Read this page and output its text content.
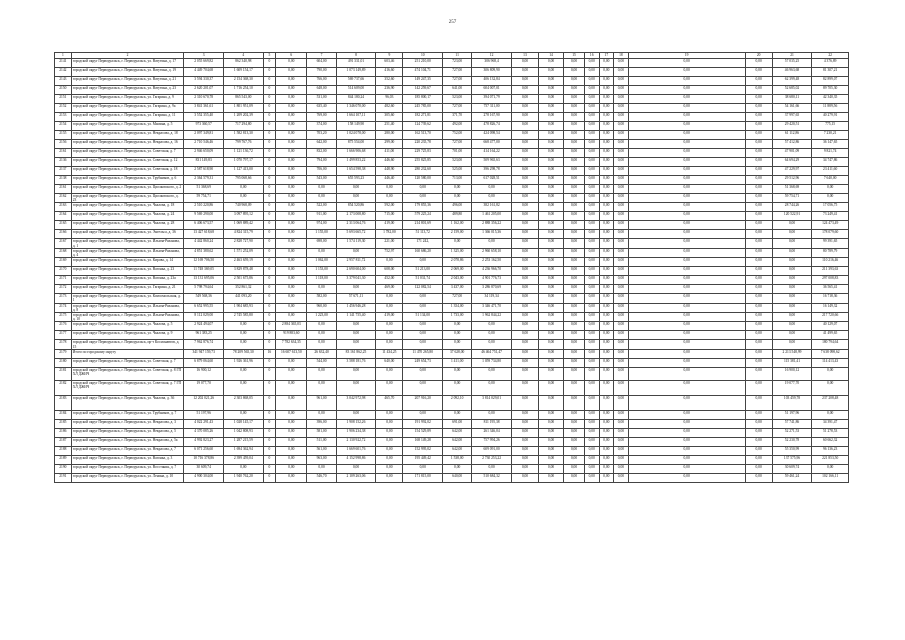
257
1	2	3	4	5	6	7	8	9	10	11	12	13	14	15	16	17	18	19	20	21	22
2141	городской округ Первоуральск, г. Первоуральск, ул. Ватутина, д. 17	2 055 669,82	862 340,98	0	0,00	604,00	491 331,01	603,46	251 210,00	723,00	306 968,4	0,00	0,00	0,00	0,00	0,00	0,00	0,00	0,00	57 035,25	4 376,89
2142	городской округ Первоуральск, г. Первоуральск, ул. Ватутина, д. 19	4 449 704,68	1 609 154,17	0	0,00	790,00	1 073 149,89	416,60	474 104,71	727,00	306 809,90	0,00	0,00	0,00	0,00	0,00	0,00	0,00	0,00	46 963,68	81 307,21
2143	городской округ Первоуральск, г. Первоуральск, ул. Ватутина, д. 21	3 594 330,37	2 154 368,30	0	0,00	766,00	569 737,66	352,60	149 247,35	727,00	406 132,84	0,00	0,00	0,00	0,00	0,00	0,00	0,00	0,00	62 399,48	82 899,07
2150	городской округ Первоуральск, г. Первоуральск, ул. Ватутина, д. 23	2 620 201,07	1 716 254,10	0	0,00	648,00	514 609,00	236,90	142 259,67	641,00	604 007,01	0,00	0,00	0,00	0,00	0,00	0,00	0,00	0,00	52 685,02	89 705,30
2151	городской округ Первоуральск, г. Первоуральск, ул. Гагарина, д. 9	2 310 670,78	865 543,00	0	0,00	531,00	844 180,24	96,03	185 800,17	523,00	394 071,79	0,00	0,00	0,00	0,00	0,00	0,00	0,00	0,00	38 680,11	42 340,35
2152	городской округ Первоуральск, г. Первоуральск, ул. Гагарина, д. 9а	3 841 361,61	1 801 951,09	0	0,00	635,40	1 346 070,00	482,60	245 785,00	727,00	757 311,00	0,00	0,00	0,00	0,00	0,00	0,00	0,00	0,00	54 161,66	11 889,56
2153	городской округ Первоуральск, г. Первоуральск, ул. Гагарина, д. 11	3 552 355,40	1 209 202,39	0	0,00	769,00	1 664 107,11	305,60	182 271,81	371,70	278 167,90	0,00	0,00	0,00	0,00	0,00	0,00	0,00	0,00	37 997,65	40 279,91
2154	городской округ Первоуральск, г. Первоуральск, ул. Мамина, д. 5	973 360,57	717 294,80	0	0,00	374,00	158 149,90	251,40	124 739,62	492,00	478 826,74	0,00	0,00	0,00	0,00	0,00	0,00	0,00	0,00	29 420,51	775,15
2155	городской округ Первоуральск, г. Первоуральск, ул. Некрасова, д. 18	2 097 349,81	1 582 813,30	0	0,00	703,20	1 024 078,00	280,00	162 513,70	752,00	424 098,54	0,00	0,00	0,00	0,00	0,00	0,00	0,00	0,00	61 112,86	7 230,21
2156	городской округ Первоуральск, г. Первоуральск, ул. Некрасова, д. 16	2 710 546,46	799 767,76	0	0,00	642,00	875 554,00	299,00	220 235,78	727,00	668 477,00	0,00	0,00	0,00	0,00	0,00	0,00	0,00	0,00	57 412,86	36 147,65
2161	городской округ Первоуральск, г. Первоуральск, ул. Советская, д. 7	2 946 650,09	1 121 136,72	0	0,00	832,00	1 666 906,68	411,00	229 725,83	701,00	414 164,22	0,00	0,00	0,00	0,00	0,00	0,00	0,00	0,00	47 901,09	9 821,74
2136	городской округ Первоуральск, г. Первоуральск, ул. Советская, д. 12	831 149,83	1 070 797,17	0	0,00	794,00	1 499 853,22	446,60	255 825,85	523,00	509 965,63	0,00	0,00	0,00	0,00	0,00	0,00	0,00	0,00	64 694,29	34 747,86
2137	городской округ Первоуральск, г. Первоуральск, ул. Советская, д. 18	2 587 618,90	1 127 413,00	0	0,00	706,00	1 654 598,38	448,90	280 232,60	525,00	396 298,78	0,00	0,00	0,00	0,00	0,00	0,00	0,00	0,00	47 229,97	23 411,60
2138	городской округ Первоуральск, г. Первоуральск, ул. Трубников, д. 6	2 364 579,31	795 068,66	0	0,00	543,00	655 593,23	446,40	120 580,00	713,00	617 028,51	0,00	0,00	0,00	0,00	0,00	0,00	0,00	0,00	29 512,96	7 640,00
2161	городской округ Первоуральск, г. Первоуральск, ул. Циолковского, д. 2	51 368,69	0,00	0	0,00	0,00	0,00	0,00	0,00	0,00	0,00	0,00	0,00	0,00	0,00	0,00	0,00	0,00	0,00	51 368,69	0,00
2162	городской округ Первоуральск, г. Первоуральск, ул. Циолковского, д. 23	59 754,71	0,00	0	0,00	0,00	0,00	0,00	0,00	0,00	0,00	0,00	0,00	0,00	0,00	0,00	0,00	0,00	0,00	59 754,71	0,00
2163	городской округ Первоуральск, г. Первоуральск, ул. Чкалова, д. 18	2 510 220,86	740 968,09	0	0,00	522,00	854 520,86	592,00	179 855,36	496,00	382 161,82	0,00	0,00	0,00	0,00	0,00	0,00	0,00	0,00	28 744,26	17 056,75
2164	городской округ Первоуральск, г. Первоуральск, ул. Чкалова, д. 24	9 569 290,00	3 097 895,12	0	0,00	911,00	2 173 008,80	715,00	579 225,24	489,80	1 461 205,00	0,00	0,00	0,00	0,00	0,00	0,00	0,00	0,00	120 522,91	73 249,41
2165	городской округ Первоуральск, г. Первоуральск, ул. Чкалова, д. 28	6 406 673,57	1 069 889,42	0	0,00	974,00	2 313 064,76	419,00	214 801,69	1 162,00	2 888 356,22	0,00	0,00	0,00	0,00	0,00	0,00	0,00	0,00	0,00	124 473,49
2166	городской округ Первоуральск, г. Первоуральск, ул. Энгельса, д. 36	13 427 618,68	4 824 315,79	0	0,00	1 155,00	5 693 665,72	1 782,00	51 113,72	2 159,00	1 366 015,36	0,00	0,00	0,00	0,00	0,00	0,00	0,00	0,00	0,00	178 079,60
2167	городской округ Первоуральск, г. Первоуральск, ул. Ильича-Рязанова, д. 1	4 442 860,24	2 828 727,90	0	0,00	698,00	1 574 119,30	221,00	171 242,	0,00	0,00	0,00	0,00	0,00	0,00	0,00	0,00	0,00	0,00	0,00	99 391,65
2168	городской округ Первоуральск, г. Первоуральск, ул. Ильича-Рязанова, д. 4	4 851 380,62	1 571 252,09	0	0,00	0,00	0,00	752,97	160 686,20	1 325,00	2 960 658,10	0,00	0,00	0,00	0,00	0,00	0,00	0,00	0,00	0,00	80 789,79
2169	городской округ Первоуральск, г. Первоуральск, ул. Кирова, д. 14	12 169 706,50	2 463 659,19	0	0,00	1 062,00	2 957 811,72	0,00	0,00	2 078,86	2 253 162,50	0,00	0,00	0,00	0,00	0,00	0,00	0,00	0,00	0,00	110 216,46
2170	городской округ Первоуральск, г. Первоуральск, ул. Вагонка, д. 23	11 748 369,05	3 829 878,48	0	0,00	1 153,00	2 690 604,00	608,00	51 213,00	2 069,00	4 236 966,70	0,00	0,00	0,00	0,00	0,00	0,00	0,00	0,00	0,00	211 393,63
2171	городской округ Первоуральск, г. Первоуральск, ул. Вагонка, д. 23а	13 131 695,06	2 501 675,86	0	0,00	1 118,00	3 379 041,30	452,00	51 031,74	2 043,00	4 901 776,73	0,00	0,00	0,00	0,00	0,00	0,00	0,00	0,00	0,00	297 008,83
2172	городской округ Первоуральск, г. Первоуральск, ул. Гагарина, д. 21	5 798 794,64	352 861,32	0	0,00	0,00	0,00	469,00	122 082,54	3 437,00	3 286 870,69	0,00	0,00	0,00	0,00	0,00	0,00	0,00	0,00	0,00	36 565,41
2173	городской округ Первоуральск, г. Первоуральск, ул. Комсомольская, д. 1	549 568,36	441 093,20	0	0,00	582,00	57 671,11	0,00	0,00	727,00	34 119,34	0,00	0,00	0,00	0,00	0,00	0,00	0,00	0,00	0,00	16 718,36
2174	городской округ Первоуральск, г. Первоуральск, ул. Ильича-Рязанова, д. 8	6 652 995,55	1 904 685,93	0	0,00	960,00	1 456 946,28	0,00	0,00	1 354,00	3 346 471,70	0,00	0,00	0,00	0,00	0,00	0,00	0,00	0,00	0,00	16 149,32
2175	городской округ Первоуральск, г. Первоуральск, ул. Ильича-Рязанова, д. 10	8 112 029,00	2 745 585,80	0	0,00	1 223,00	1 141 755,40	419,00	51 134,00	1 733,00	1 962 844,22	0,00	0,00	0,00	0,00	0,00	0,00	0,00	0,00	0,00	217 720,66
2176	городской округ Первоуральск, г. Первоуральск, ул. Чкалова, д. 5	2 924 494,07	0,00	0	2 884 365,03	0,00	0,00	0,00	0,00	0,00	0,00	0,00	0,00	0,00	0,00	0,00	0,00	0,00	0,00	0,00	40 129,07
2177	городской округ Первоуральск, г. Первоуральск, ул. Чкалова, д. 9	961 383,25	0,00	0	919 883,60	0,00	0,00	0,00	0,00	0,00	0,00	0,00	0,00	0,00	0,00	0,00	0,00	0,00	0,00	0,00	41 499,65
2178	городской округ Первоуральск, г. Первоуральск, пр-т Космонавтов, д. 15	7 962 876,74	0,00	0	7 782 634,35	0,00	0,00	0,00	0,00	0,00	0,00	0,00	0,00	0,00	0,00	0,00	0,00	0,00	0,00	0,00	180 794,64
2179	Итого по городскому округу	341 947 159,73	78 209 565,30	16	16 607 613,50	26 632,40	83 161 862,25	11 434,25	11 470 265,80	37 628,00	46 464 751,47	0,00	0,00	0,00	0,00	0,00	0,00	0,00	0,00	2 213 548,99	7 638 098,62
2180	городской округ Первоуральск, г. Первоуральск, ул. Советская, д. 7	6 879 064,60	1 926 361,96	0	0,00	544,00	3 588 181,76	640,00	249 654,73	1 411,00	1 059 734,80	0,00	0,00	0,00	0,00	0,00	0,00	0,00	0,00	115 381,41	114 413,43
2181	городской округ Первоуральск, г. Первоуральск, ул. Советская, д. 8 ГП ХЛ ДЖИЧ	16 900,12	0,00	0	0,00	0,00	0,00	0,00	0,00	0,00	0,00	0,00	0,00	0,00	0,00	0,00	0,00	0,00	0,00	16 900,12	0,00
2182	городской округ Первоуральск, г. Первоуральск, ул. Советская, д. 7 ГП ХЛ ДЖИЧ	19 077,70	0,00	0	0,00	0,00	0,00	0,00	0,00	0,00	0,00	0,00	0,00	0,00	0,00	0,00	0,00	0,00	0,00	19 077,70	0,00
2183	городской округ Первоуральск, г. Первоуральск, ул. Чкалова, д. 36	12 202 021,26	2 303 868,05	0	0,00	961,00	3 042 972,98	465,70	207 916,20	2 092,10	3 814 029,01	0,00	0,00	0,00	0,00	0,00	0,00	0,00	0,00	103 459,78	237 208,48
2184	городской округ Первоуральск, г. Первоуральск, ул. Трубников, д. 7	51 197,96	0,00	0	0,00	0,00	0,00	0,00	0,00	0,00	0,00	0,00	0,00	0,00	0,00	0,00	0,00	0,00	0,00	51 197,96	0,00
2185	городской округ Первоуральск, г. Первоуральск, ул. Некрасова, д. 3	4 022 291,43	1 028 145,17	0	0,00	396,00	1 908 152,26	0,00	191 992,02	691,00	811 195,38	0,00	0,00	0,00	0,00	0,00	0,00	0,00	0,00	57 741,86	34 391,47
2186	городской округ Первоуральск, г. Первоуральск, ул. Некрасова, д. 5	4 370 085,26	1 042 808,93	0	0,00	581,00	1 906 234,38	0,00	154 529,89	642,00	261 346,04	0,00	0,00	0,00	0,00	0,00	0,00	0,00	0,00	52 271,53	51 278,53
2187	городской округ Первоуральск, г. Первоуральск, ул. Некрасова, д. 5а	4 992 823,27	1 287 215,59	0	0,00	511,00	2 130 922,72	0,00	168 149,28	642,00	757 994,26	0,00	0,00	0,00	0,00	0,00	0,00	0,00	0,00	52 230,78	60 662,32
2188	городской округ Первоуральск, г. Первоуральск, ул. Некрасова, д. 7	6 071 256,60	1 694 362,94	0	0,00	561,00	1 669 601,76	0,00	152 995,02	642,00	609 091,00	0,00	0,00	0,00	0,00	0,00	0,00	0,00	0,00	55 350,99	96 136,23
2189	городской округ Первоуральск, г. Первоуральск, ул. Вагонка, д. 3	10 716 378,86	2 399 459,04	0	0,00	963,00	4 152 998,86	0,00	195 449,42	1 538,00	2 730 253,22	0,00	0,00	0,00	0,00	0,00	0,00	0,00	0,00	137 575,96	221 853,50
2190	городской округ Первоуральск, г. Первоуральск, ул. Восстания, д. 7	30 609,74	0,00	0	0,00	0,00	0,00	0,00	0,00	0,00	0,00	0,00	0,00	0,00	0,00	0,00	0,00	0,00	0,00	30 609,74	0,00
2191	городской округ Первоуральск, г. Первоуральск, ул. Ленина, д. 10	4 900 304,00	1 940 762,20	0	0,00	546,70	2 109 263,06	0,00	171 815,00	640,00	510 684,32	0,00	0,00	0,00	0,00	0,00	0,00	0,00	0,00	59 461,24	102 166,11
